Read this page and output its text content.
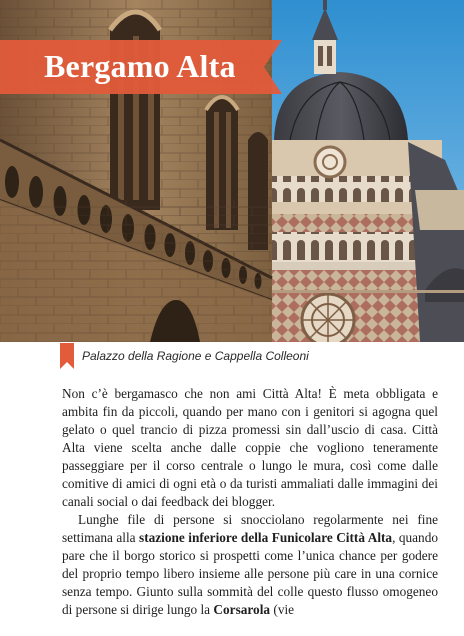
Bergamo Alta
Palazzo della Ragione e Cappella Colleoni

Non c’è bergamasco che non ami Città Alta! È meta obbligata e ambita fin da piccoli, quando per mano con i genitori si agogna quel gelato o quel trancio di pizza promessi sin dall’uscio di casa. Città Alta viene scelta anche dalle coppie che vogliono teneramente passeggiare per il corso centrale o lungo le mura, così come dalle comitive di amici di ogni età o da turisti ammaliati dalle immagini dei canali social o dai feedback dei blogger.

Lunghe file di persone si snocciolano regolarmente nei fine settimana alla stazione inferiore della Funicolare Città Alta, quando pare che il borgo storico si prospetti come l’unica chance per godere del proprio tempo libero insieme alle persone più care in una cornice senza tempo. Giunto sulla sommità del colle questo flusso omogeneo di persone si dirige lungo la Corsarola (vie
